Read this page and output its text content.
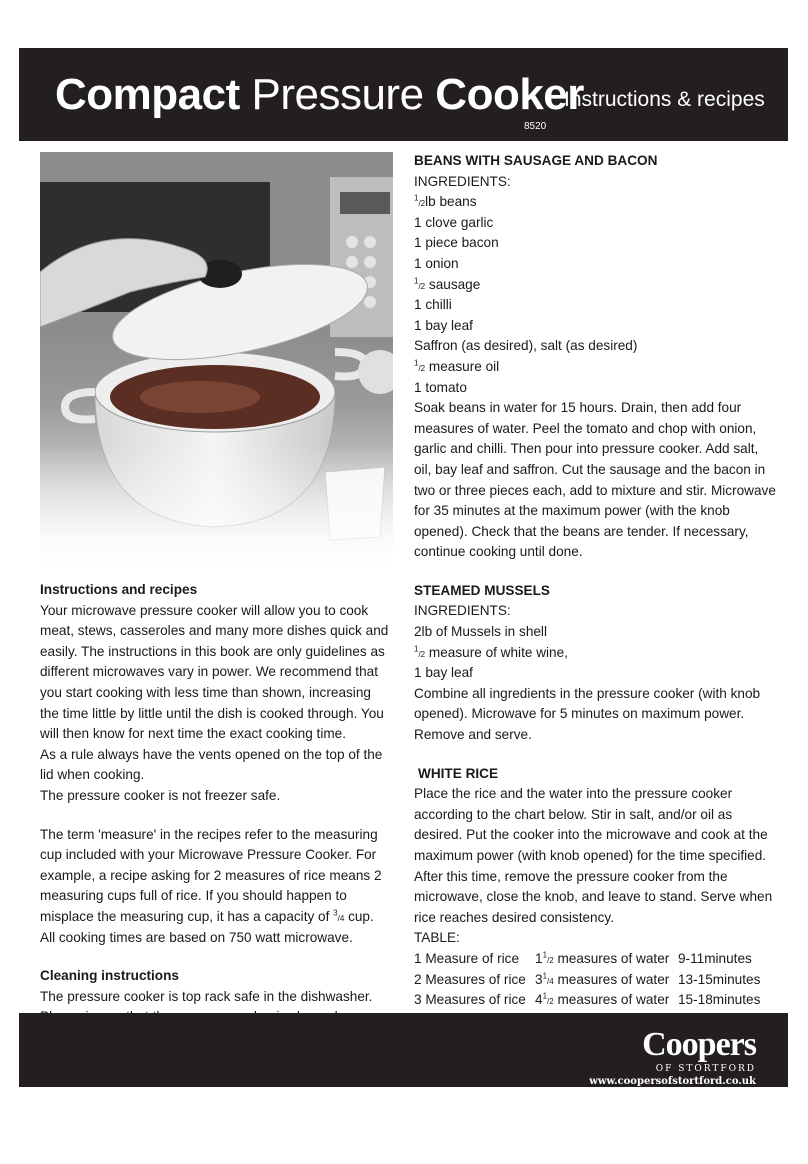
Compact Pressure Cooker
Instructions & recipes
8520

Instructions and recipes

Your microwave pressure cooker will allow you to cook meat, stews, casseroles and many more dishes quick and easily. The instructions in this book are only guidelines as different microwaves vary in power. We recommend that you start cooking with less time than shown, increasing the time little by little until the dish is cooked through. You will then know for next time the exact cooking time.

As a rule always have the vents opened on the top of the lid when cooking.

The pressure cooker is not freezer safe.

The term 'measure' in the recipes refer to the measuring cup included with your Microwave Pressure Cooker. For example, a recipe asking for 2 measures of rice means 2 measuring cups full of rice. If you should happen to misplace the measuring cup, it has a capacity of $^3$/4 cup.

All cooking times are based on 750 watt microwave.

Cleaning instructions

The pressure cooker is top rack safe in the dishwasher.

BEANS WITH SAUSAGE AND BACON

INGREDIENTS:

$^1$/2lb beans

1 clove garlic

1 piece bacon

1 onion

$^1$/2 sausage

1 chilli

1 bay leaf

Saffron (as desired), salt (as desired)

$^1$/2 measure oil

1 tomato

Soak beans in water for 15 hours. Drain, then add four measures of water. Peel the tomato and chop with onion, garlic and chilli. Then pour into pressure cooker. Add salt, oil, bay leaf and saffron. Cut the sausage and the bacon in two or three pieces each, add to mixture and stir. Microwave for 35 minutes at the maximum power (with the knob opened). Check that the beans are tender. If necessary, continue cooking until done.

STEAMED MUSSELS

INGREDIENTS:

2lb of Mussels in shell

$^1$/2 measure of white wine,

1 bay leaf

Combine all ingredients in the pressure cooker (with knob opened). Microwave for 5 minutes on maximum power. Remove and serve.

WHITE RICE

Place the rice and the water into the pressure cooker according to the chart below. Stir in salt, and/or oil as desired. Put the cooker into the microwave and cook at the maximum power (with knob opened) for the time specified. After this time, remove the pressure cooker from the microwave, close the knob, and leave to stand. Serve when rice reaches desired consistency.

TABLE:

1 Measure of rice	$1^1/2$ measures of water 9-11minutes
2 Measures of rice $3^1/4$ measures of water 13-15minutes
3 Measures of rice $4^1/2$ measures of water 15-18minutes
Coopers
OF STORTFORD
www.coopersofstortford.co.uk
